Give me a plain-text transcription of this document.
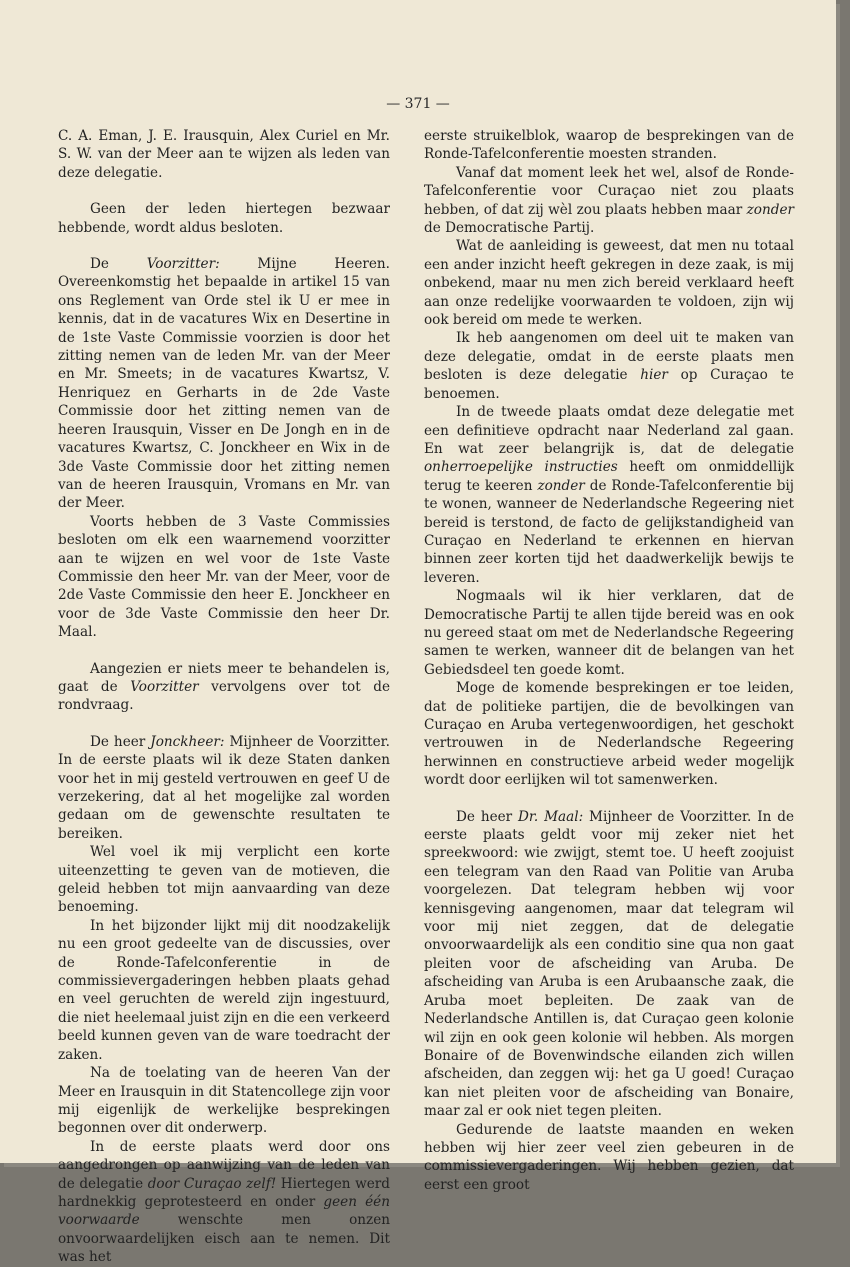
— 371 —

C. A. Eman, J. E. Irausquin, Alex Curiel en Mr. S. W. van der Meer aan te wijzen als leden van deze delegatie.

Geen der leden hiertegen bezwaar hebbende, wordt aldus besloten.

De Voorzitter: Mijne Heeren. Overeenkomstig het bepaalde in artikel 15 van ons Reglement van Orde stel ik U er mee in kennis, dat in de vacatures Wix en Desertine in de 1ste Vaste Commissie voorzien is door het zitting nemen van de leden Mr. van der Meer en Mr. Smeets; in de vacatures Kwartsz, V. Henriquez en Gerharts in de 2de Vaste Commissie door het zitting nemen van de heeren Irausquin, Visser en De Jongh en in de vacatures Kwartsz, C. Jonckheer en Wix in de 3de Vaste Commissie door het zitting nemen van de heeren Irausquin, Vromans en Mr. van der Meer.

Voorts hebben de 3 Vaste Commissies besloten om elk een waarnemend voorzitter aan te wijzen en wel voor de 1ste Vaste Commissie den heer Mr. van der Meer, voor de 2de Vaste Commissie den heer E. Jonckheer en voor de 3de Vaste Commissie den heer Dr. Maal.

Aangezien er niets meer te behandelen is, gaat de Voorzitter vervolgens over tot de rondvraag.

De heer Jonckheer: Mijnheer de Voorzitter. In de eerste plaats wil ik deze Staten danken voor het in mij gesteld vertrouwen en geef U de verzekering, dat al het mogelijke zal worden gedaan om de gewenschte resultaten te bereiken.

Wel voel ik mij verplicht een korte uiteenzetting te geven van de motieven, die geleid hebben tot mijn aanvaarding van deze benoeming.

In het bijzonder lijkt mij dit noodzakelijk nu een groot gedeelte van de discussies, over de Ronde-Tafelconferentie in de commissievergaderingen hebben plaats gehad en veel geruchten de wereld zijn ingestuurd, die niet heelemaal juist zijn en die een verkeerd beeld kunnen geven van de ware toedracht der zaken.

Na de toelating van de heeren Van der Meer en Irausquin in dit Statencollege zijn voor mij eigenlijk de werkelijke besprekingen begonnen over dit onderwerp.

In de eerste plaats werd door ons aangedrongen op aanwijzing van de leden van de delegatie door Curaçao zelf! Hiertegen werd hardnekkig geprotesteerd en onder geen één voorwaarde wenschte men onzen onvoorwaardelijken eisch aan te nemen. Dit was het

eerste struikelblok, waarop de besprekingen van de Ronde-Tafelconferentie moesten stranden.

Vanaf dat moment leek het wel, alsof de Ronde-Tafelconferentie voor Curaçao niet zou plaats hebben, of dat zij wèl zou plaats hebben maar zonder de Democratische Partij.

Wat de aanleiding is geweest, dat men nu totaal een ander inzicht heeft gekregen in deze zaak, is mij onbekend, maar nu men zich bereid verklaard heeft aan onze redelijke voorwaarden te voldoen, zijn wij ook bereid om mede te werken.

Ik heb aangenomen om deel uit te maken van deze delegatie, omdat in de eerste plaats men besloten is deze delegatie hier op Curaçao te benoemen.

In de tweede plaats omdat deze delegatie met een definitieve opdracht naar Nederland zal gaan. En wat zeer belangrijk is, dat de delegatie onherroepelijke instructies heeft om onmiddellijk terug te keeren zonder de Ronde-Tafelconferentie bij te wonen, wanneer de Nederlandsche Regeering niet bereid is terstond, de facto de gelijkstandigheid van Curaçao en Nederland te erkennen en hiervan binnen zeer korten tijd het daadwerkelijk bewijs te leveren.

Nogmaals wil ik hier verklaren, dat de Democratische Partij te allen tijde bereid was en ook nu gereed staat om met de Nederlandsche Regeering samen te werken, wanneer dit de belangen van het Gebiedsdeel ten goede komt.

Moge de komende besprekingen er toe leiden, dat de politieke partijen, die de bevolkingen van Curaçao en Aruba vertegenwoordigen, het geschokt vertrouwen in de Nederlandsche Regeering herwinnen en constructieve arbeid weder mogelijk wordt door eerlijken wil tot samenwerken.

De heer Dr. Maal: Mijnheer de Voorzitter. In de eerste plaats geldt voor mij zeker niet het spreekwoord: wie zwijgt, stemt toe. U heeft zoojuist een telegram van den Raad van Politie van Aruba voorgelezen. Dat telegram hebben wij voor kennisgeving aangenomen, maar dat telegram wil voor mij niet zeggen, dat de delegatie onvoorwaardelijk als een conditio sine qua non gaat pleiten voor de afscheiding van Aruba. De afscheiding van Aruba is een Arubaansche zaak, die Aruba moet bepleiten. De zaak van de Nederlandsche Antillen is, dat Curaçao geen kolonie wil zijn en ook geen kolonie wil hebben. Als morgen Bonaire of de Bovenwindsche eilanden zich willen afscheiden, dan zeggen wij: het ga U goed! Curaçao kan niet pleiten voor de afscheiding van Bonaire, maar zal er ook niet tegen pleiten.

Gedurende de laatste maanden en weken hebben wij hier zeer veel zien gebeuren in de commissievergaderingen. Wij hebben gezien, dat eerst een groot
